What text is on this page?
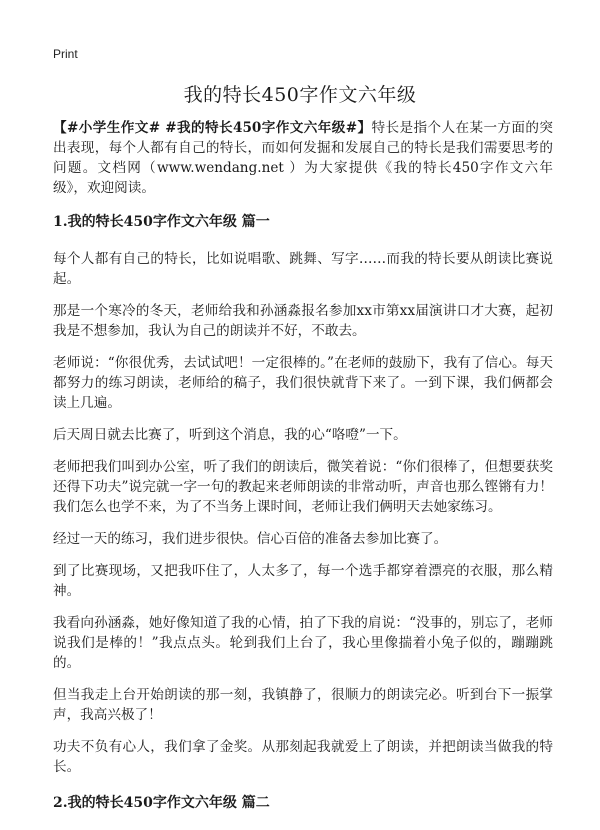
Print
我的特长450字作文六年级

【#小学生作文# #我的特长450字作文六年级#】特长是指个人在某一方面的突出表现，每个人都有自己的特长，而如何发掘和发展自己的特长是我们需要思考的问题。文档网（www.wendang.net ）为大家提供《我的特长450字作文六年级》，欢迎阅读。

1.我的特长450字作文六年级 篇一

每个人都有自己的特长，比如说唱歌、跳舞、写字……而我的特长要从朗读比赛说起。

那是一个寒冷的冬天，老师给我和孙涵淼报名参加xx市第xx届演讲口才大赛，起初我是不想参加，我认为自己的朗读并不好，不敢去。

老师说：“你很优秀，去试试吧！一定很棒的。”在老师的鼓励下，我有了信心。每天都努力的练习朗读，老师给的稿子，我们很快就背下来了。一到下课，我们俩都会读上几遍。

后天周日就去比赛了，听到这个消息，我的心“咯噔”一下。

老师把我们叫到办公室，听了我们的朗读后，微笑着说：“你们很棒了，但想要获奖还得下功夫”说完就一字一句的教起来老师朗读的非常动听，声音也那么铿锵有力！我们怎么也学不来，为了不当务上课时间，老师让我们俩明天去她家练习。

经过一天的练习，我们进步很快。信心百倍的准备去参加比赛了。

到了比赛现场，又把我吓住了，人太多了，每一个选手都穿着漂亮的衣服，那么精神。

我看向孙涵淼，她好像知道了我的心情，拍了下我的肩说：“没事的，别忘了，老师说我们是棒的！”我点点头。轮到我们上台了，我心里像揣着小兔子似的，蹦蹦跳的。

但当我走上台开始朗读的那一刻，我镇静了，很顺力的朗读完必。听到台下一振掌声，我高兴极了！

功夫不负有心人，我们拿了金奖。从那刻起我就爱上了朗读，并把朗读当做我的特长。

2.我的特长450字作文六年级 篇二
